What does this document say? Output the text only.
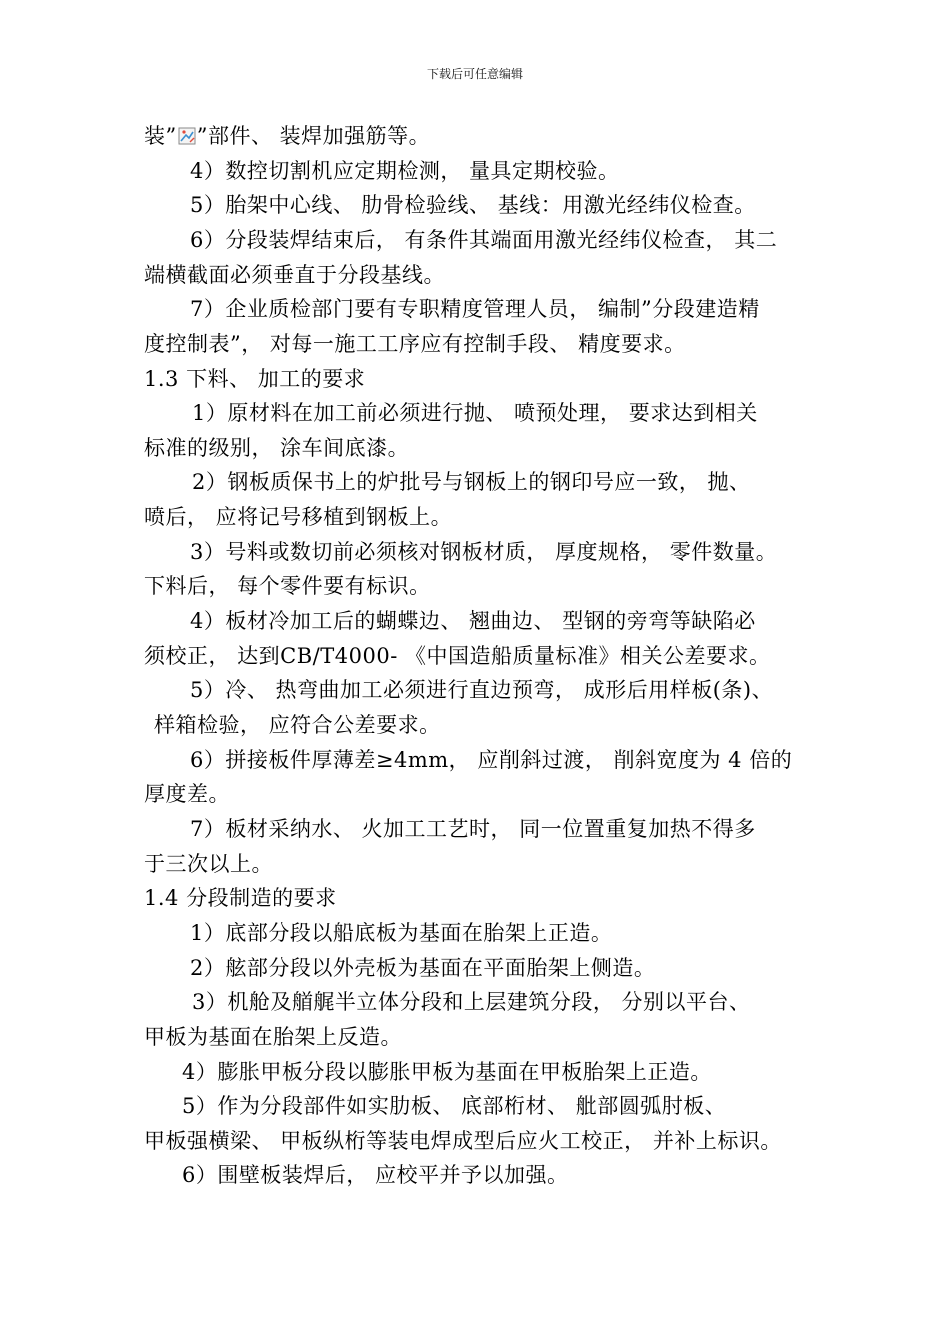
下载后可任意编辑
装” ”部件、 装焊加强筋等。
4）数控切割机应定期检测， 量具定期校验。
5）胎架中心线、 肋骨检验线、 基线：用激光经纬仪检查。
6）分段装焊结束后， 有条件其端面用激光经纬仪检查， 其二
端横截面必须垂直于分段基线。
7）企业质检部门要有专职精度管理人员， 编制”分段建造精
度控制表”， 对每一施工工序应有控制手段、 精度要求。
1.3 下料、 加工的要求
1）原材料在加工前必须进行抛、 喷预处理， 要求达到相关
标准的级别， 涂车间底漆。
2）钢板质保书上的炉批号与钢板上的钢印号应一致， 抛、
喷后， 应将记号移植到钢板上。
3）号料或数切前必须核对钢板材质， 厚度规格， 零件数量。
下料后， 每个零件要有标识。
4）板材冷加工后的蝴蝶边、 翘曲边、 型钢的旁弯等缺陷必
须校正， 达到CB/T4000- 《中国造船质量标准》相关公差要求。
5）冷、 热弯曲加工必须进行直边预弯， 成形后用样板(条)、
样箱检验， 应符合公差要求。
6）拼接板件厚薄差≥4mm， 应削斜过渡， 削斜宽度为 4 倍的
厚度差。
7）板材采纳水、 火加工工艺时， 同一位置重复加热不得多
于三次以上。
1.4 分段制造的要求
1）底部分段以船底板为基面在胎架上正造。
2）舷部分段以外壳板为基面在平面胎架上侧造。
3）机舱及艏艉半立体分段和上层建筑分段， 分别以平台、
甲板为基面在胎架上反造。
4）膨胀甲板分段以膨胀甲板为基面在甲板胎架上正造。
5）作为分段部件如实肋板、 底部桁材、 舭部圆弧肘板、
甲板强横梁、 甲板纵桁等装电焊成型后应火工校正， 并补上标识。
6）围壁板装焊后， 应校平并予以加强。
